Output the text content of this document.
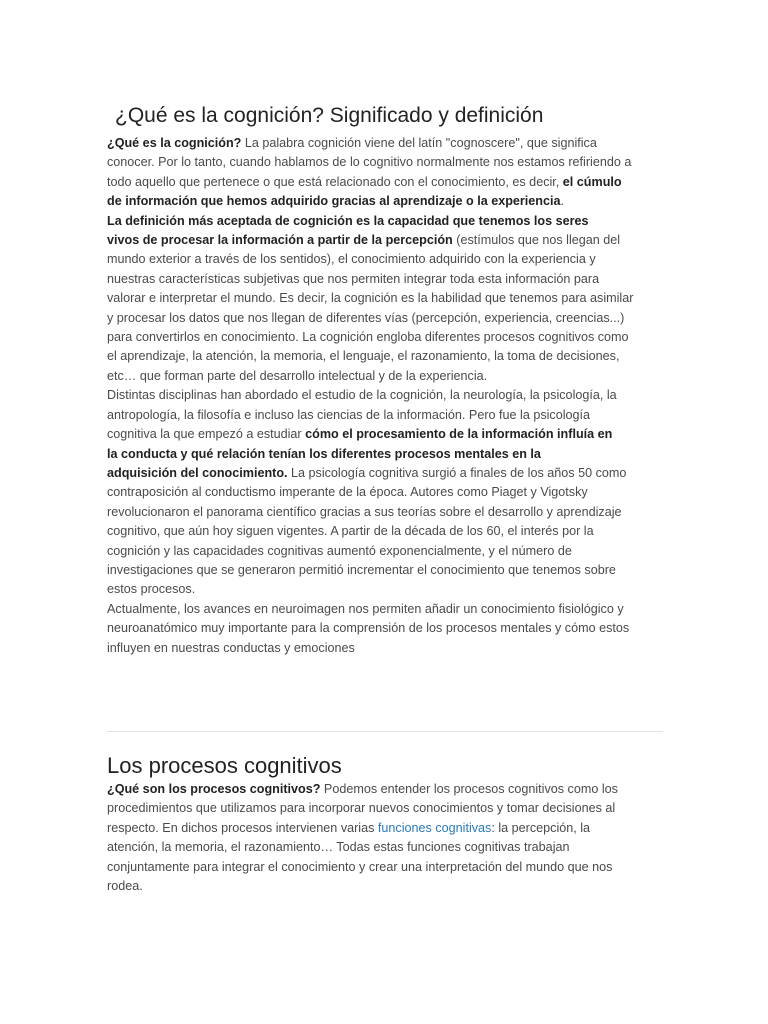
¿Qué es la cognición? Significado y definición
¿Qué es la cognición? La palabra cognición viene del latín "cognoscere", que significa
conocer. Por lo tanto, cuando hablamos de lo cognitivo normalmente nos estamos refiriendo a
todo aquello que pertenece o que está relacionado con el conocimiento, es decir, el cúmulo
de información que hemos adquirido gracias al aprendizaje o la experiencia.
La definición más aceptada de cognición es la capacidad que tenemos los seres
vivos de procesar la información a partir de la percepción (estímulos que nos llegan del
mundo exterior a través de los sentidos), el conocimiento adquirido con la experiencia y
nuestras características subjetivas que nos permiten integrar toda esta información para
valorar e interpretar el mundo. Es decir, la cognición es la habilidad que tenemos para asimilar
y procesar los datos que nos llegan de diferentes vías (percepción, experiencia, creencias...)
para convertirlos en conocimiento. La cognición engloba diferentes procesos cognitivos como
el aprendizaje, la atención, la memoria, el lenguaje, el razonamiento, la toma de decisiones,
etc… que forman parte del desarrollo intelectual y de la experiencia.
Distintas disciplinas han abordado el estudio de la cognición, la neurología, la psicología, la
antropología, la filosofía e incluso las ciencias de la información. Pero fue la psicología
cognitiva la que empezó a estudiar cómo el procesamiento de la información influía en
la conducta y qué relación tenían los diferentes procesos mentales en la
adquisición del conocimiento. La psicología cognitiva surgió a finales de los años 50 como
contraposición al conductismo imperante de la época. Autores como Piaget y Vigotsky
revolucionaron el panorama científico gracias a sus teorías sobre el desarrollo y aprendizaje
cognitivo, que aún hoy siguen vigentes. A partir de la década de los 60, el interés por la
cognición y las capacidades cognitivas aumentó exponencialmente, y el número de
investigaciones que se generaron permitió incrementar el conocimiento que tenemos sobre
estos procesos.
Actualmente, los avances en neuroimagen nos permiten añadir un conocimiento fisiológico y
neuroanatómico muy importante para la comprensión de los procesos mentales y cómo estos
influyen en nuestras conductas y emociones
Los procesos cognitivos
¿Qué son los procesos cognitivos? Podemos entender los procesos cognitivos como los
procedimientos que utilizamos para incorporar nuevos conocimientos y tomar decisiones al
respecto. En dichos procesos intervienen varias funciones cognitivas: la percepción, la
atención, la memoria, el razonamiento… Todas estas funciones cognitivas trabajan
conjuntamente para integrar el conocimiento y crear una interpretación del mundo que nos
rodea.
